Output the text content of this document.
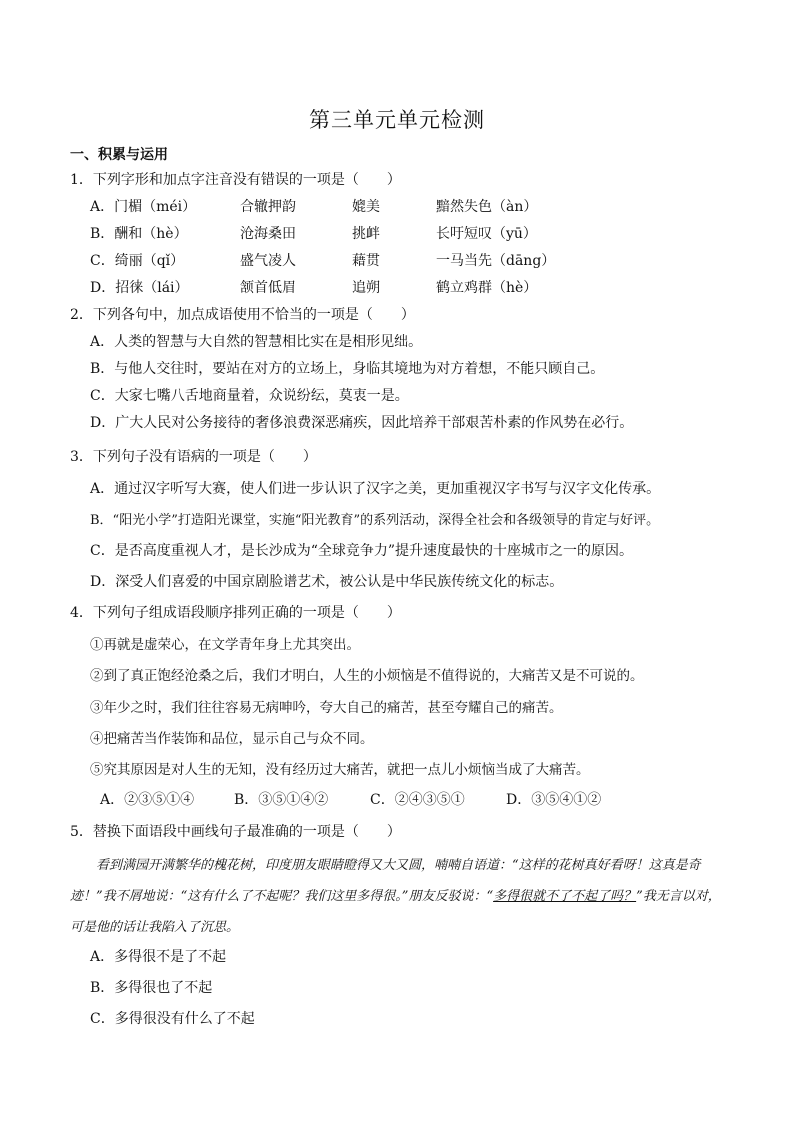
第三单元单元检测
一、积累与运用
1．下列字形和加点字注音没有错误的一项是（　　）
A．门楣（méi）	合辙押韵	媲美	黯然失色（àn）
B．酬和（hè）	沧海桑田	挑衅	长吁短叹（yū）
C．绮丽（qǐ）	盛气凌人	藉贯	一马当先（dāng）
D．招徕（lái）	颔首低眉	追朔	鹤立鸡群（hè）
2．下列各句中，加点成语使用不恰当的一项是（　　）
A．人类的智慧与大自然的智慧相比实在是相形见绌。
B．与他人交往时，要站在对方的立场上，身临其境地为对方着想，不能只顾自己。
C．大家七嘴八舌地商量着，众说纷纭，莫衷一是。
D．广大人民对公务接待的奢侈浪费深恶痛疾，因此培养干部艰苦朴素的作风势在必行。
3．下列句子没有语病的一项是（　　）
A．通过汉字听写大赛，使人们进一步认识了汉字之美，更加重视汉字书写与汉字文化传承。
B．“阳光小学”打造阳光课堂，实施“阳光教育”的系列活动，深得全社会和各级领导的肯定与好评。
C．是否高度重视人才，是长沙成为“全球竞争力”提升速度最快的十座城市之一的原因。
D．深受人们喜爱的中国京剧脸谱艺术，被公认是中华民族传统文化的标志。
4．下列句子组成语段顺序排列正确的一项是（　　）
①再就是虚荣心，在文学青年身上尤其突出。
②到了真正饱经沧桑之后，我们才明白，人生的小烦恼是不值得说的，大痛苦又是不可说的。
③年少之时，我们往往容易无病呻吟，夸大自己的痛苦，甚至夸耀自己的痛苦。
④把痛苦当作装饰和品位，显示自己与众不同。
⑤究其原因是对人生的无知，没有经历过大痛苦，就把一点儿小烦恼当成了大痛苦。
A．②③⑤①④	B．③⑤①④②	C．②④③⑤①	D．③⑤④①②
5．替换下面语段中画线句子最准确的一项是（　　）
看到满园开满繁华的槐花树，印度朋友眼睛瞪得又大又圆，喃喃自语道：“这样的花树真好看呀！这真是奇迹！”我不屑地说：“这有什么了不起呢？我们这里多得很。”朋友反驳说：“多得很就不了不起了吗？”我无言以对，可是他的话让我陷入了沉思。
A．多得很不是了不起
B．多得很也了不起
C．多得很没有什么了不起
